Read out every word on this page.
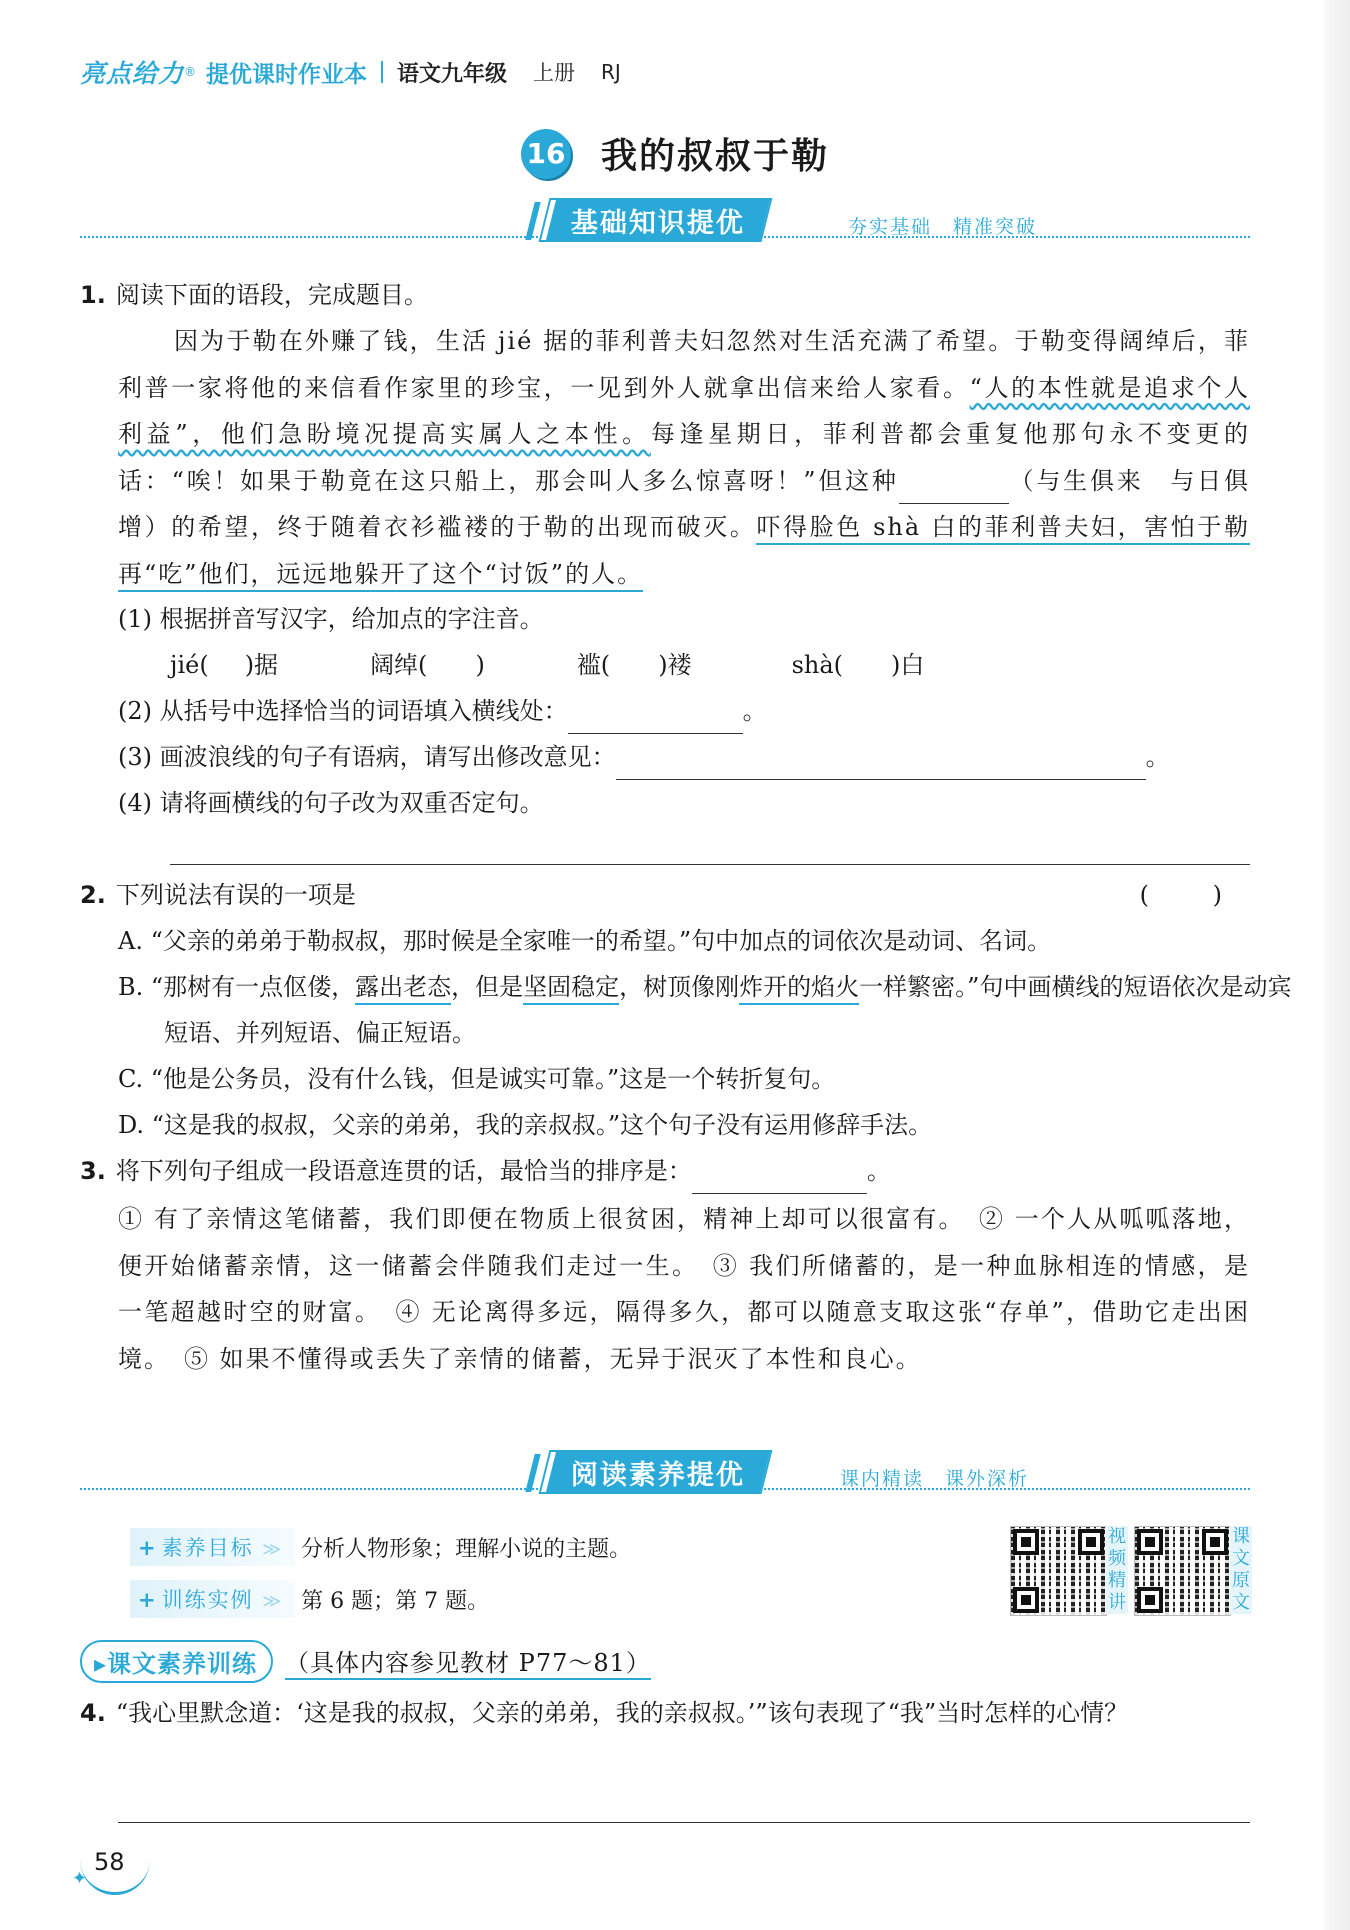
亮点给力 ® 提优课时作业本 语文九年级 上册 RJ
16 我的叔叔于勒
基础知识提优	夯实基础　精准突破
1. 阅读下面的语段，完成题目。
因为于勒在外赚了钱，生活 jié 据的菲利普夫妇忽然对生活充满了希望。于勒变得阔绰后，菲利普一家将他的来信看作家里的珍宝，一见到外人就拿出信来给人家看。“人的本性就是追求个人利益”，他们急盼境况提高实属人之本性。每逢星期日，菲利普都会重复他那句永不变更的话：“唉！如果于勒竟在这只船上，那会叫人多么惊喜呀！”但这种	（与生俱来　与日俱增）的希望，终于随着衣衫褴褛的于勒的出现而破灭。吓得脸色 shà 白的菲利普夫妇，害怕于勒再“吃”他们，远远地躲开了这个“讨饭”的人。
(1) 根据拼音写汉字，给加点的字注音。
jié( )据	阔绰( )	褴( )褛	shà( )白
(2) 从括号中选择恰当的词语填入横线处：	。
(3) 画波浪线的句子有语病，请写出修改意见：	。
(4) 请将画横线的句子改为双重否定句。
2. 下列说法有误的一项是	( )
A. “父亲的弟弟于勒叔叔，那时候是全家唯一的希望。”句中加点的词依次是动词、名词。
B. “那树有一点伛偻，露出老态，但是坚固稳定，树顶像刚炸开的焰火一样繁密。”句中画横线的短语依次是动宾短语、并列短语、偏正短语。
C. “他是公务员，没有什么钱，但是诚实可靠。”这是一个转折复句。
D. “这是我的叔叔，父亲的弟弟，我的亲叔叔。”这个句子没有运用修辞手法。
3. 将下列句子组成一段语意连贯的话，最恰当的排序是：	。
① 有了亲情这笔储蓄，我们即便在物质上很贫困，精神上却可以很富有。　② 一个人从呱呱落地，便开始储蓄亲情，这一储蓄会伴随我们走过一生。　③ 我们所储蓄的，是一种血脉相连的情感，是一笔超越时空的财富。　④ 无论离得多远，隔得多久，都可以随意支取这张“存单”，借助它走出困境。　⑤ 如果不懂得或丢失了亲情的储蓄，无异于泯灭了本性和良心。
阅读素养提优	课内精读　课外深析
+ 素养目标 ≫ 分析人物形象；理解小说的主题。
+ 训练实例 ≫ 第 6 题；第 7 题。
视频精讲
课文原文
▸课文素养训练	（具体内容参见教材 P77～81）
4. “我心里默念道：‘这是我的叔叔，父亲的弟弟，我的亲叔叔。’”该句表现了“我”当时怎样的心情？
✦
58
